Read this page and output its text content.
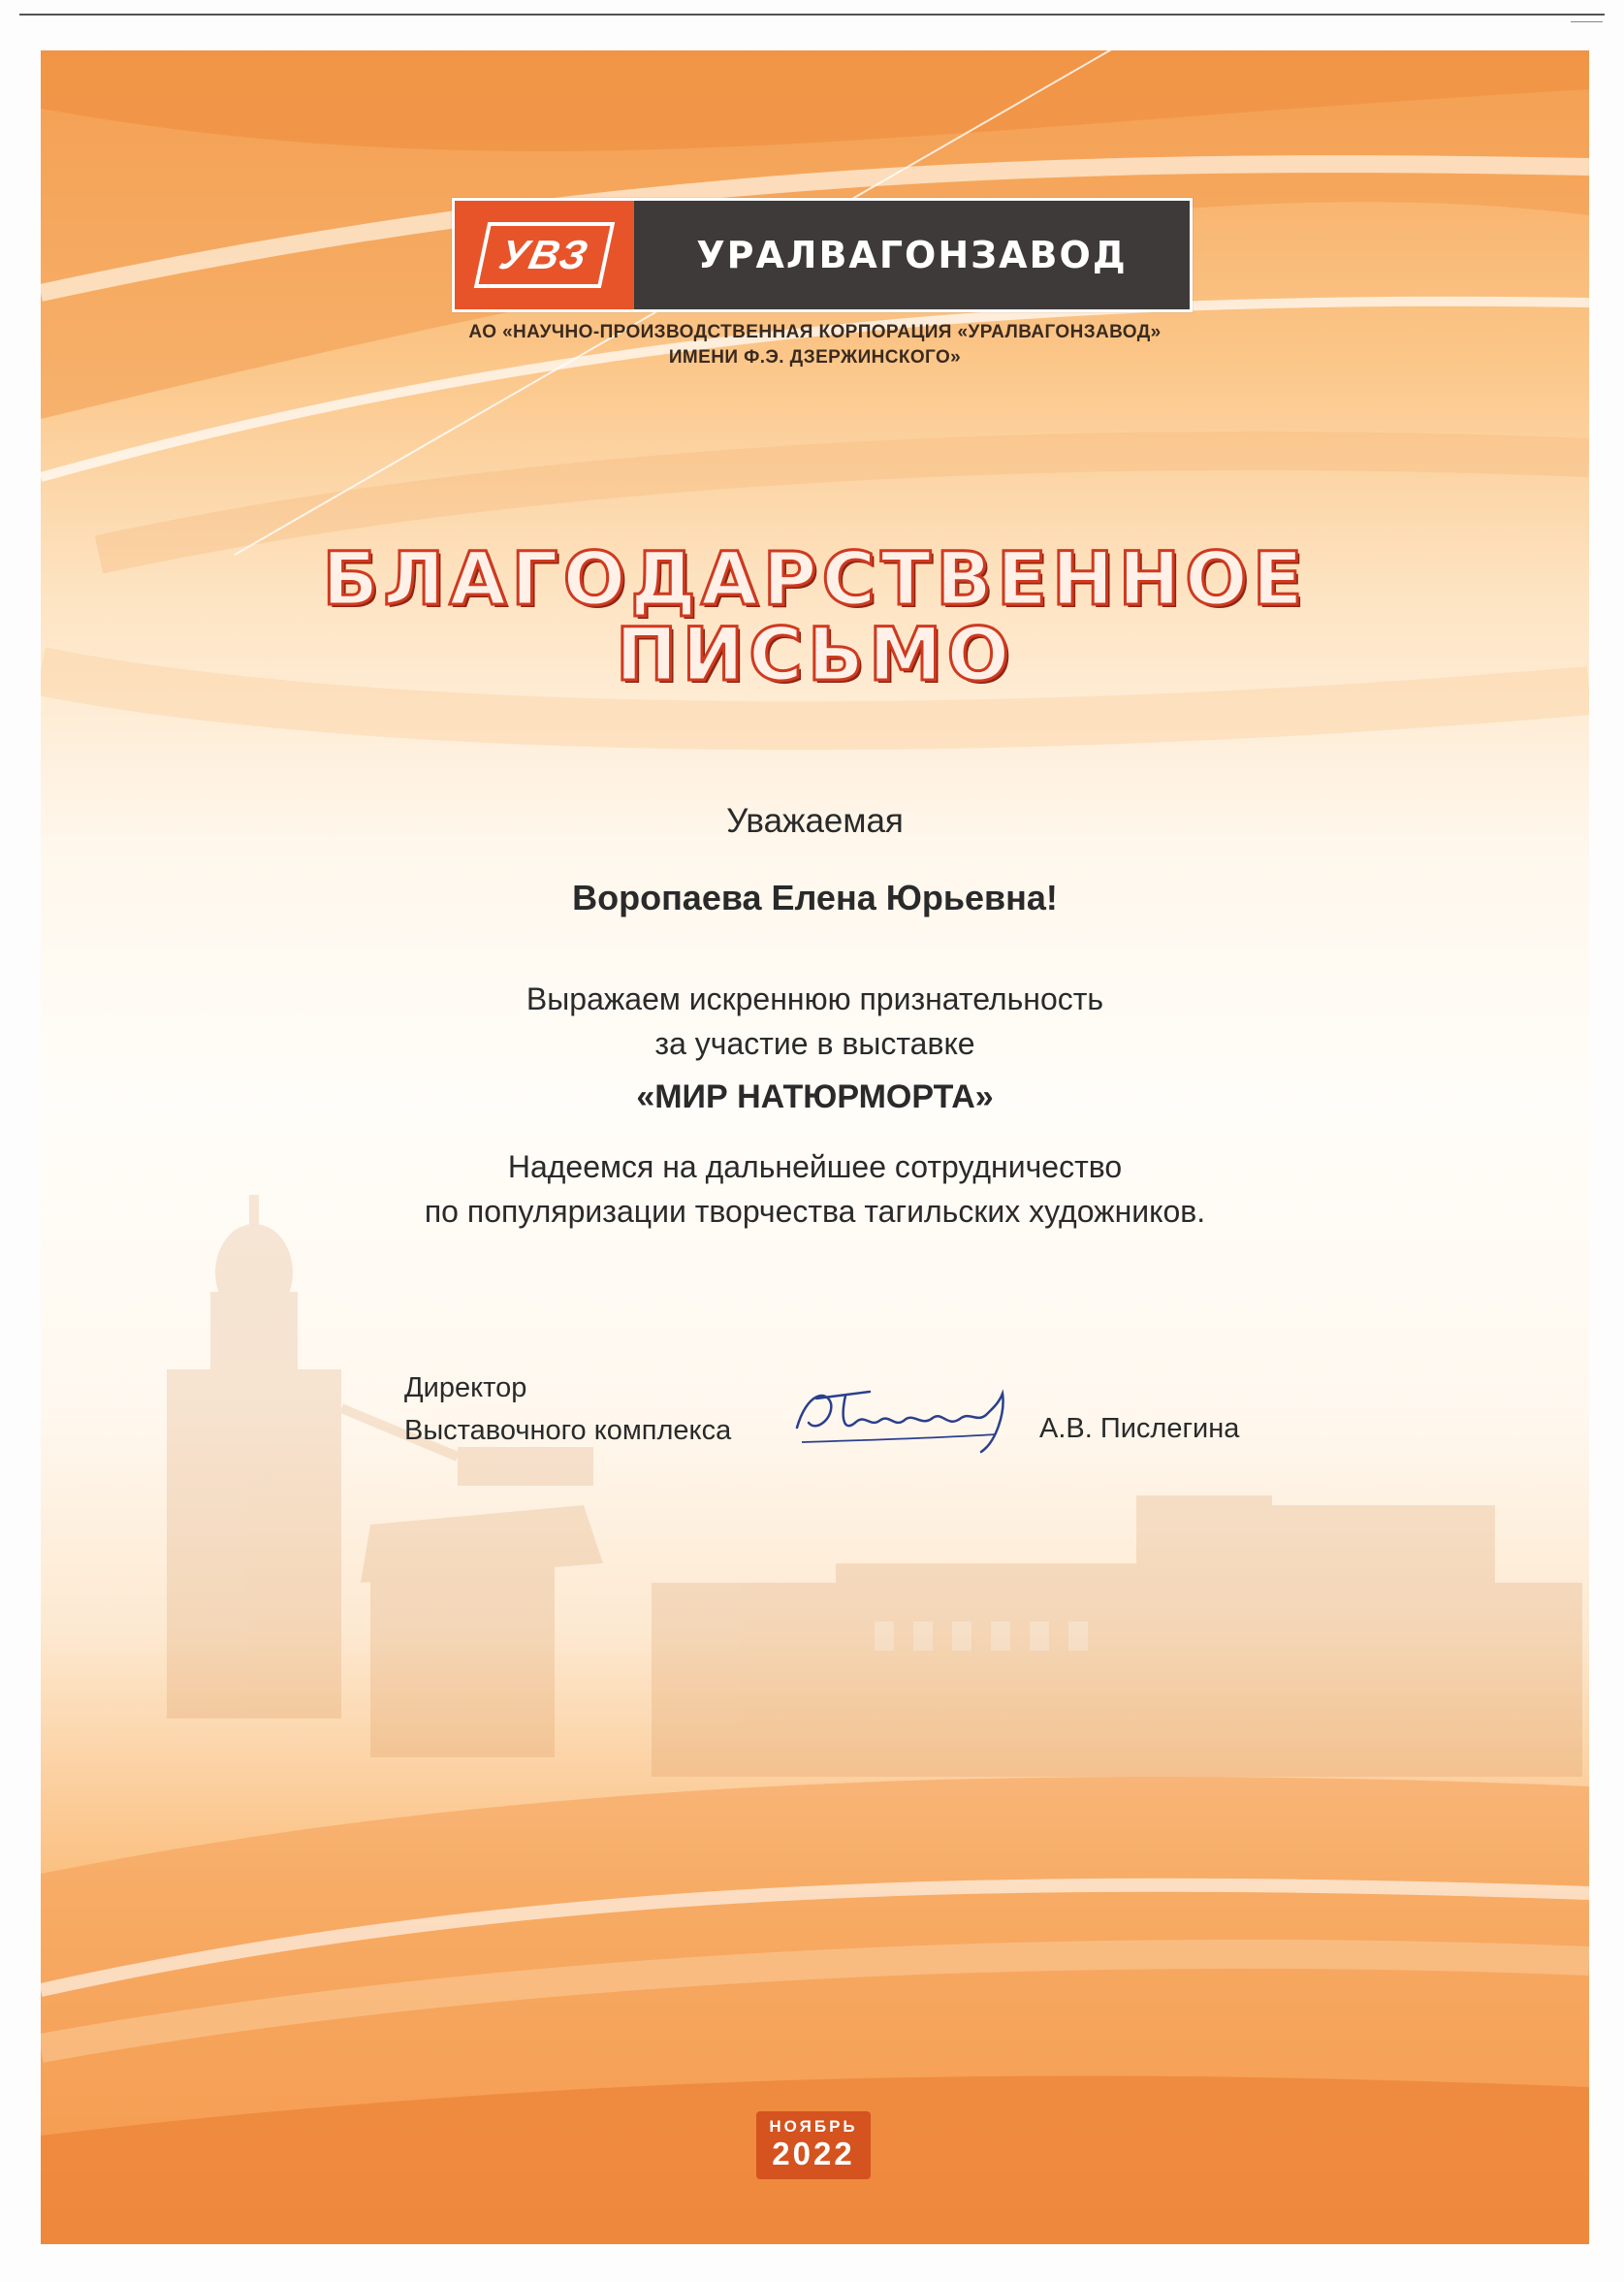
УВЗ	УРАЛВАГОНЗАВОД
АО «НАУЧНО-ПРОИЗВОДСТВЕННАЯ КОРПОРАЦИЯ «УРАЛВАГОНЗАВОД»
ИМЕНИ Ф.Э. ДЗЕРЖИНСКОГО»
БЛАГОДАРСТВЕННОЕ
ПИСЬМО
Уважаемая
Воропаева Елена Юрьевна!
Выражаем искреннюю признательность
за участие в выставке
«МИР НАТЮРМОРТА»
Надеемся на дальнейшее сотрудничество
по популяризации творчества тагильских художников.
Директор
Выставочного комплекса	А.В. Пислегина
НОЯБРЬ
2022
